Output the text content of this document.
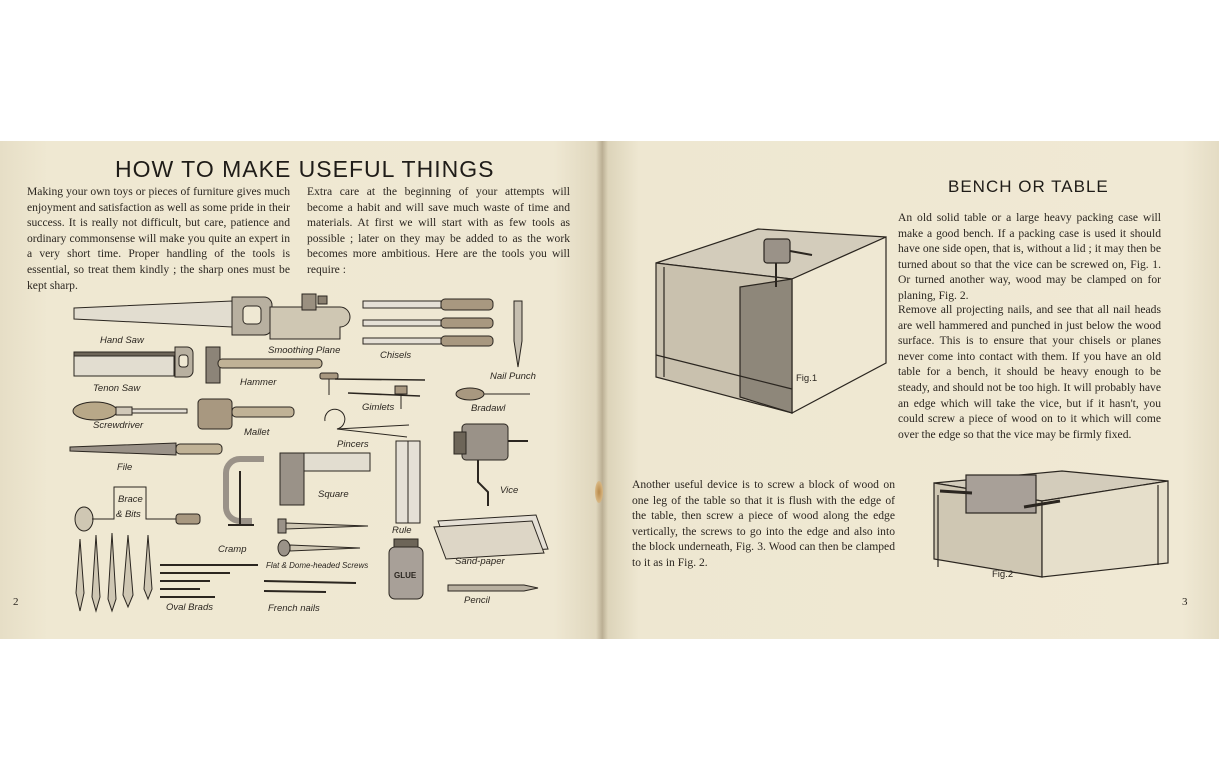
HOW TO MAKE USEFUL THINGS

Making your own toys or pieces of furniture gives much enjoyment and satisfaction as well as some pride in their success. It is really not difficult, but care, patience and ordinary commonsense will make you quite an expert in a very short time. Proper handling of the tools is essential, so treat them kindly ; the sharp ones must be kept sharp.

Extra care at the beginning of your attempts will become a habit and will save much waste of time and materials. At first we will start with as few tools as possible ; later on they may be added to as the work becomes more ambitious. Here are the tools you will require :

Hand Saw
Smoothing Plane	Chisels
Nail Punch
Tenon Saw
Hammer
Gimlets	Bradawl
Screwdriver
Mallet
Pincers
File
Brace
& Bits
Cramp
Square	Vice
Rule
Flat & Dome-headed Screws	Sand-paper
Oval Brads	French nails
Pencil
GLUE
2
BENCH OR TABLE

An old solid table or a large heavy packing case will make a good bench. If a packing case is used it should have one side open, that is, without a lid ; it may then be turned about so that the vice can be screwed on, Fig. 1. Or turned another way, wood may be clamped on for planing, Fig. 2.

Remove all projecting nails, and see that all nail heads are well hammered and punched in just below the wood surface. This is to ensure that your chisels or planes never come into contact with them. If you have an old table for a bench, it should be heavy enough to be steady, and should not be too high. It will probably have an edge which will take the vice, but if it hasn't, you could screw a piece of wood on to it which will come over the edge so that the vice may be firmly fixed.

Another useful device is to screw a block of wood on one leg of the table so that it is flush with the edge of the table, then screw a piece of wood along the edge vertically, the screws to go into the edge and also into the block underneath, Fig. 3. Wood can then be clamped to it as in Fig. 2.

Fig.1
Fig.2
3
